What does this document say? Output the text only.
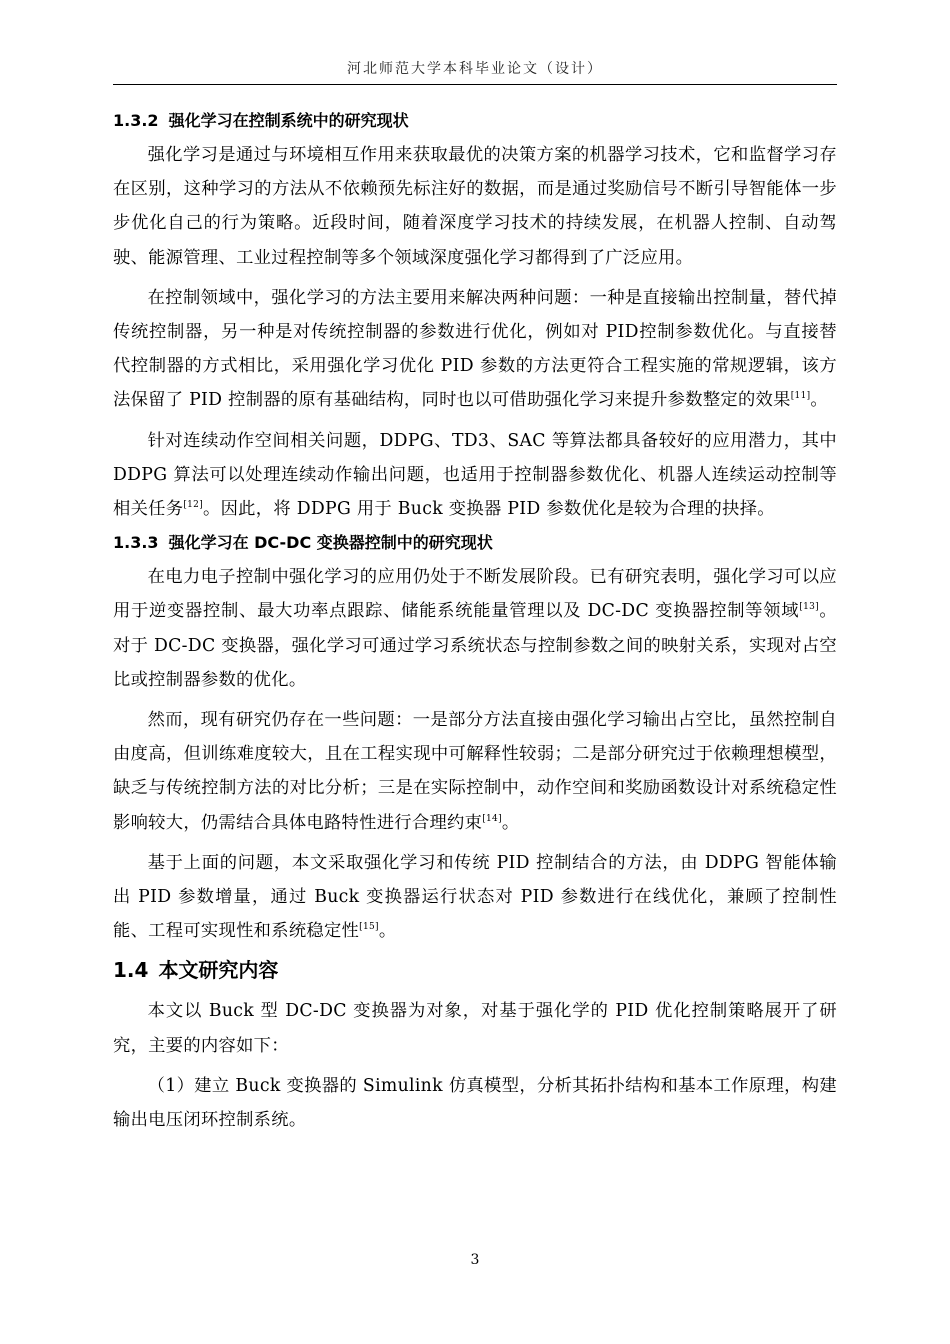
河北师范大学本科毕业论文（设计）
1.3.2 强化学习在控制系统中的研究现状

强化学习是通过与环境相互作用来获取最优的决策方案的机器学习技术，它和监督学习存在区别，这种学习的方法从不依赖预先标注好的数据，而是通过奖励信号不断引导智能体一步步优化自己的行为策略。近段时间，随着深度学习技术的持续发展，在机器人控制、自动驾驶、能源管理、工业过程控制等多个领域深度强化学习都得到了广泛应用。

在控制领域中，强化学习的方法主要用来解决两种问题：一种是直接输出控制量，替代掉传统控制器，另一种是对传统控制器的参数进行优化，例如对 PID控制参数优化。与直接替代控制器的方式相比，采用强化学习优化 PID 参数的方法更符合工程实施的常规逻辑，该方法保留了 PID 控制器的原有基础结构，同时也以可借助强化学习来提升参数整定的效果[11]。

针对连续动作空间相关问题，DDPG、TD3、SAC 等算法都具备较好的应用潜力，其中 DDPG 算法可以处理连续动作输出问题，也适用于控制器参数优化、机器人连续运动控制等相关任务[12]。因此，将 DDPG 用于 Buck 变换器 PID 参数优化是较为合理的抉择。

1.3.3 强化学习在 DC-DC 变换器控制中的研究现状

在电力电子控制中强化学习的应用仍处于不断发展阶段。已有研究表明，强化学习可以应用于逆变器控制、最大功率点跟踪、储能系统能量管理以及 DC-DC 变换器控制等领域[13]。对于 DC-DC 变换器，强化学习可通过学习系统状态与控制参数之间的映射关系，实现对占空比或控制器参数的优化。

然而，现有研究仍存在一些问题：一是部分方法直接由强化学习输出占空比，虽然控制自由度高，但训练难度较大，且在工程实现中可解释性较弱；二是部分研究过于依赖理想模型，缺乏与传统控制方法的对比分析；三是在实际控制中，动作空间和奖励函数设计对系统稳定性影响较大，仍需结合具体电路特性进行合理约束[14]。

基于上面的问题，本文采取强化学习和传统 PID 控制结合的方法，由 DDPG 智能体输出 PID 参数增量，通过 Buck 变换器运行状态对 PID 参数进行在线优化，兼顾了控制性能、工程可实现性和系统稳定性[15]。

1.4 本文研究内容

本文以 Buck 型 DC-DC 变换器为对象，对基于强化学的 PID 优化控制策略展开了研究，主要的内容如下：

（1）建立 Buck 变换器的 Simulink 仿真模型，分析其拓扑结构和基本工作原理，构建输出电压闭环控制系统。

3
